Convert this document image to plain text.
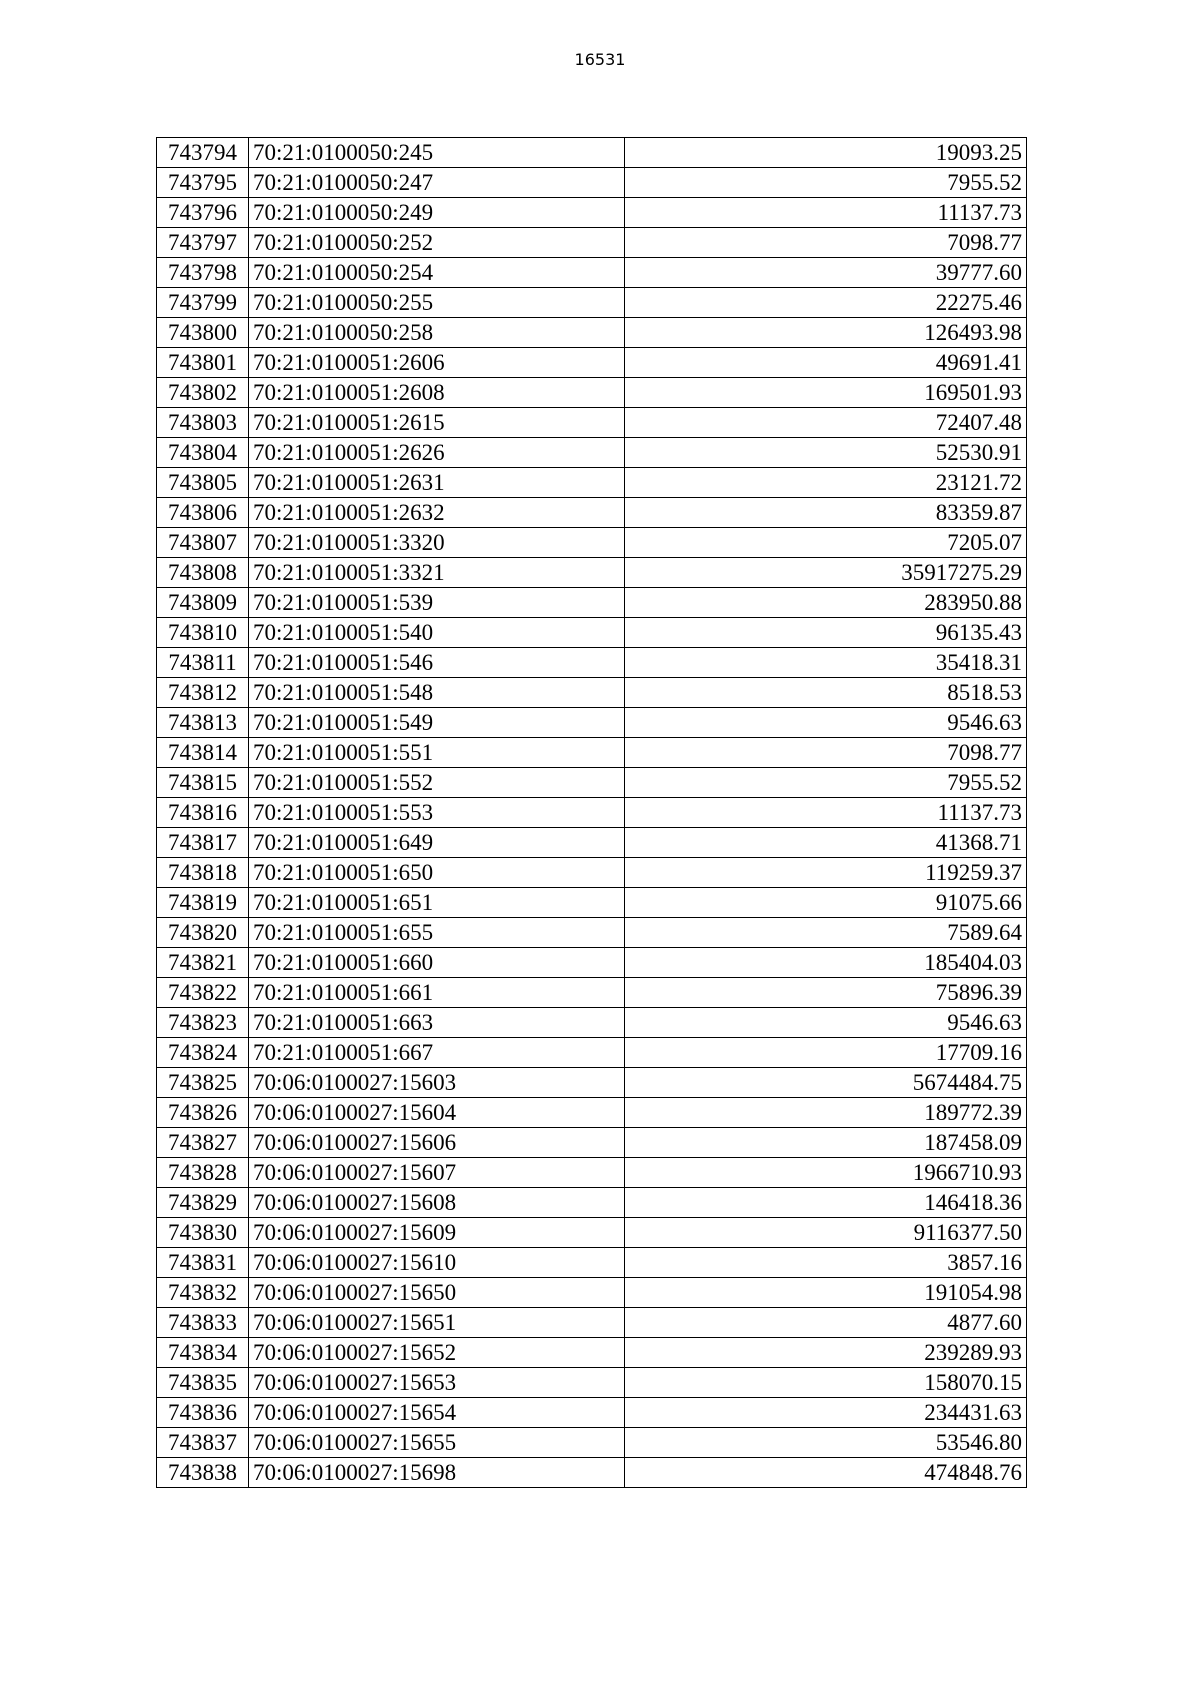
16531
743794	70:21:0100050:245	19093.25
743795	70:21:0100050:247	7955.52
743796	70:21:0100050:249	11137.73
743797	70:21:0100050:252	7098.77
743798	70:21:0100050:254	39777.60
743799	70:21:0100050:255	22275.46
743800	70:21:0100050:258	126493.98
743801	70:21:0100051:2606	49691.41
743802	70:21:0100051:2608	169501.93
743803	70:21:0100051:2615	72407.48
743804	70:21:0100051:2626	52530.91
743805	70:21:0100051:2631	23121.72
743806	70:21:0100051:2632	83359.87
743807	70:21:0100051:3320	7205.07
743808	70:21:0100051:3321	35917275.29
743809	70:21:0100051:539	283950.88
743810	70:21:0100051:540	96135.43
743811	70:21:0100051:546	35418.31
743812	70:21:0100051:548	8518.53
743813	70:21:0100051:549	9546.63
743814	70:21:0100051:551	7098.77
743815	70:21:0100051:552	7955.52
743816	70:21:0100051:553	11137.73
743817	70:21:0100051:649	41368.71
743818	70:21:0100051:650	119259.37
743819	70:21:0100051:651	91075.66
743820	70:21:0100051:655	7589.64
743821	70:21:0100051:660	185404.03
743822	70:21:0100051:661	75896.39
743823	70:21:0100051:663	9546.63
743824	70:21:0100051:667	17709.16
743825	70:06:0100027:15603	5674484.75
743826	70:06:0100027:15604	189772.39
743827	70:06:0100027:15606	187458.09
743828	70:06:0100027:15607	1966710.93
743829	70:06:0100027:15608	146418.36
743830	70:06:0100027:15609	9116377.50
743831	70:06:0100027:15610	3857.16
743832	70:06:0100027:15650	191054.98
743833	70:06:0100027:15651	4877.60
743834	70:06:0100027:15652	239289.93
743835	70:06:0100027:15653	158070.15
743836	70:06:0100027:15654	234431.63
743837	70:06:0100027:15655	53546.80
743838	70:06:0100027:15698	474848.76
